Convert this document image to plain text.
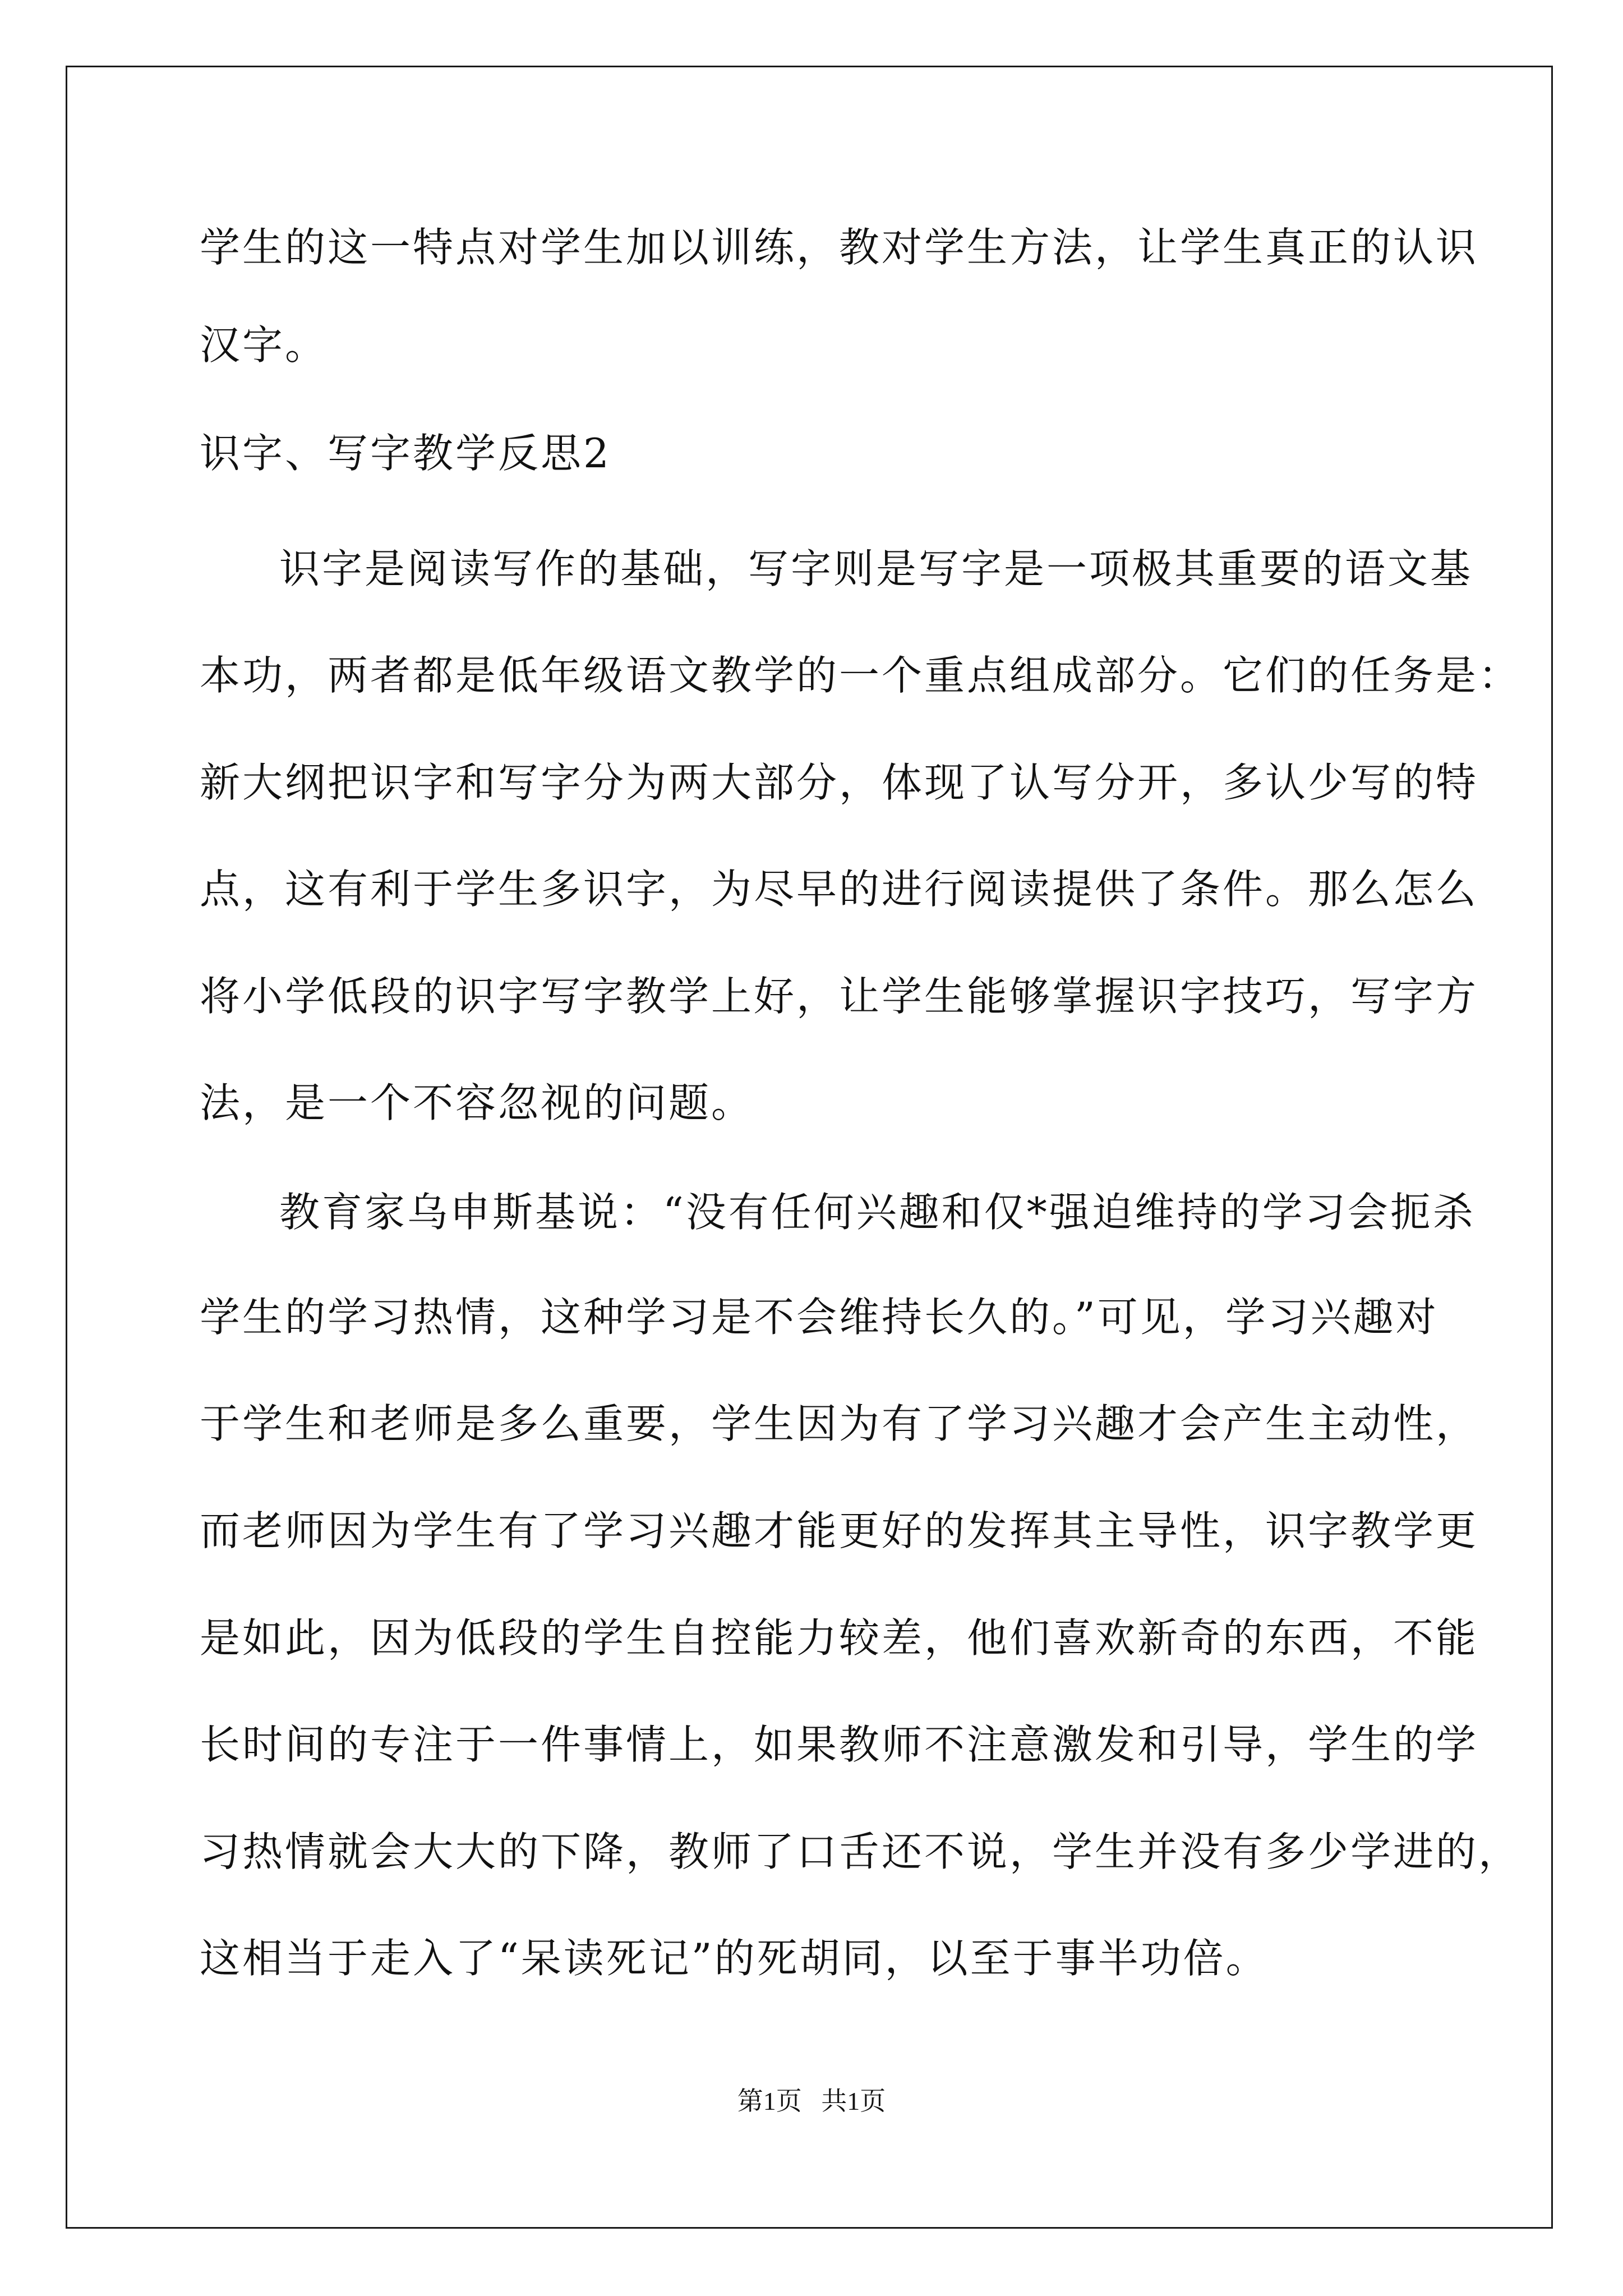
学生的这一特点对学生加以训练，教对学生方法，让学生真正的认识
汉字。
识字、写字教学反思2
识字是阅读写作的基础，写字则是写字是一项极其重要的语文基
本功，两者都是低年级语文教学的一个重点组成部分。它们的任务是：
新大纲把识字和写字分为两大部分，体现了认写分开，多认少写的特
点，这有利于学生多识字，为尽早的进行阅读提供了条件。那么怎么
将小学低段的识字写字教学上好，让学生能够掌握识字技巧，写字方
法，是一个不容忽视的问题。
教育家乌申斯基说：“没有任何兴趣和仅*强迫维持的学习会扼杀
学生的学习热情，这种学习是不会维持长久的。”可见，学习兴趣对
于学生和老师是多么重要，学生因为有了学习兴趣才会产生主动性，
而老师因为学生有了学习兴趣才能更好的发挥其主导性，识字教学更
是如此，因为低段的学生自控能力较差，他们喜欢新奇的东西，不能
长时间的专注于一件事情上，如果教师不注意激发和引导，学生的学
习热情就会大大的下降，教师了口舌还不说，学生并没有多少学进的，
这相当于走入了“呆读死记”的死胡同，以至于事半功倍。
第1页   共1页
